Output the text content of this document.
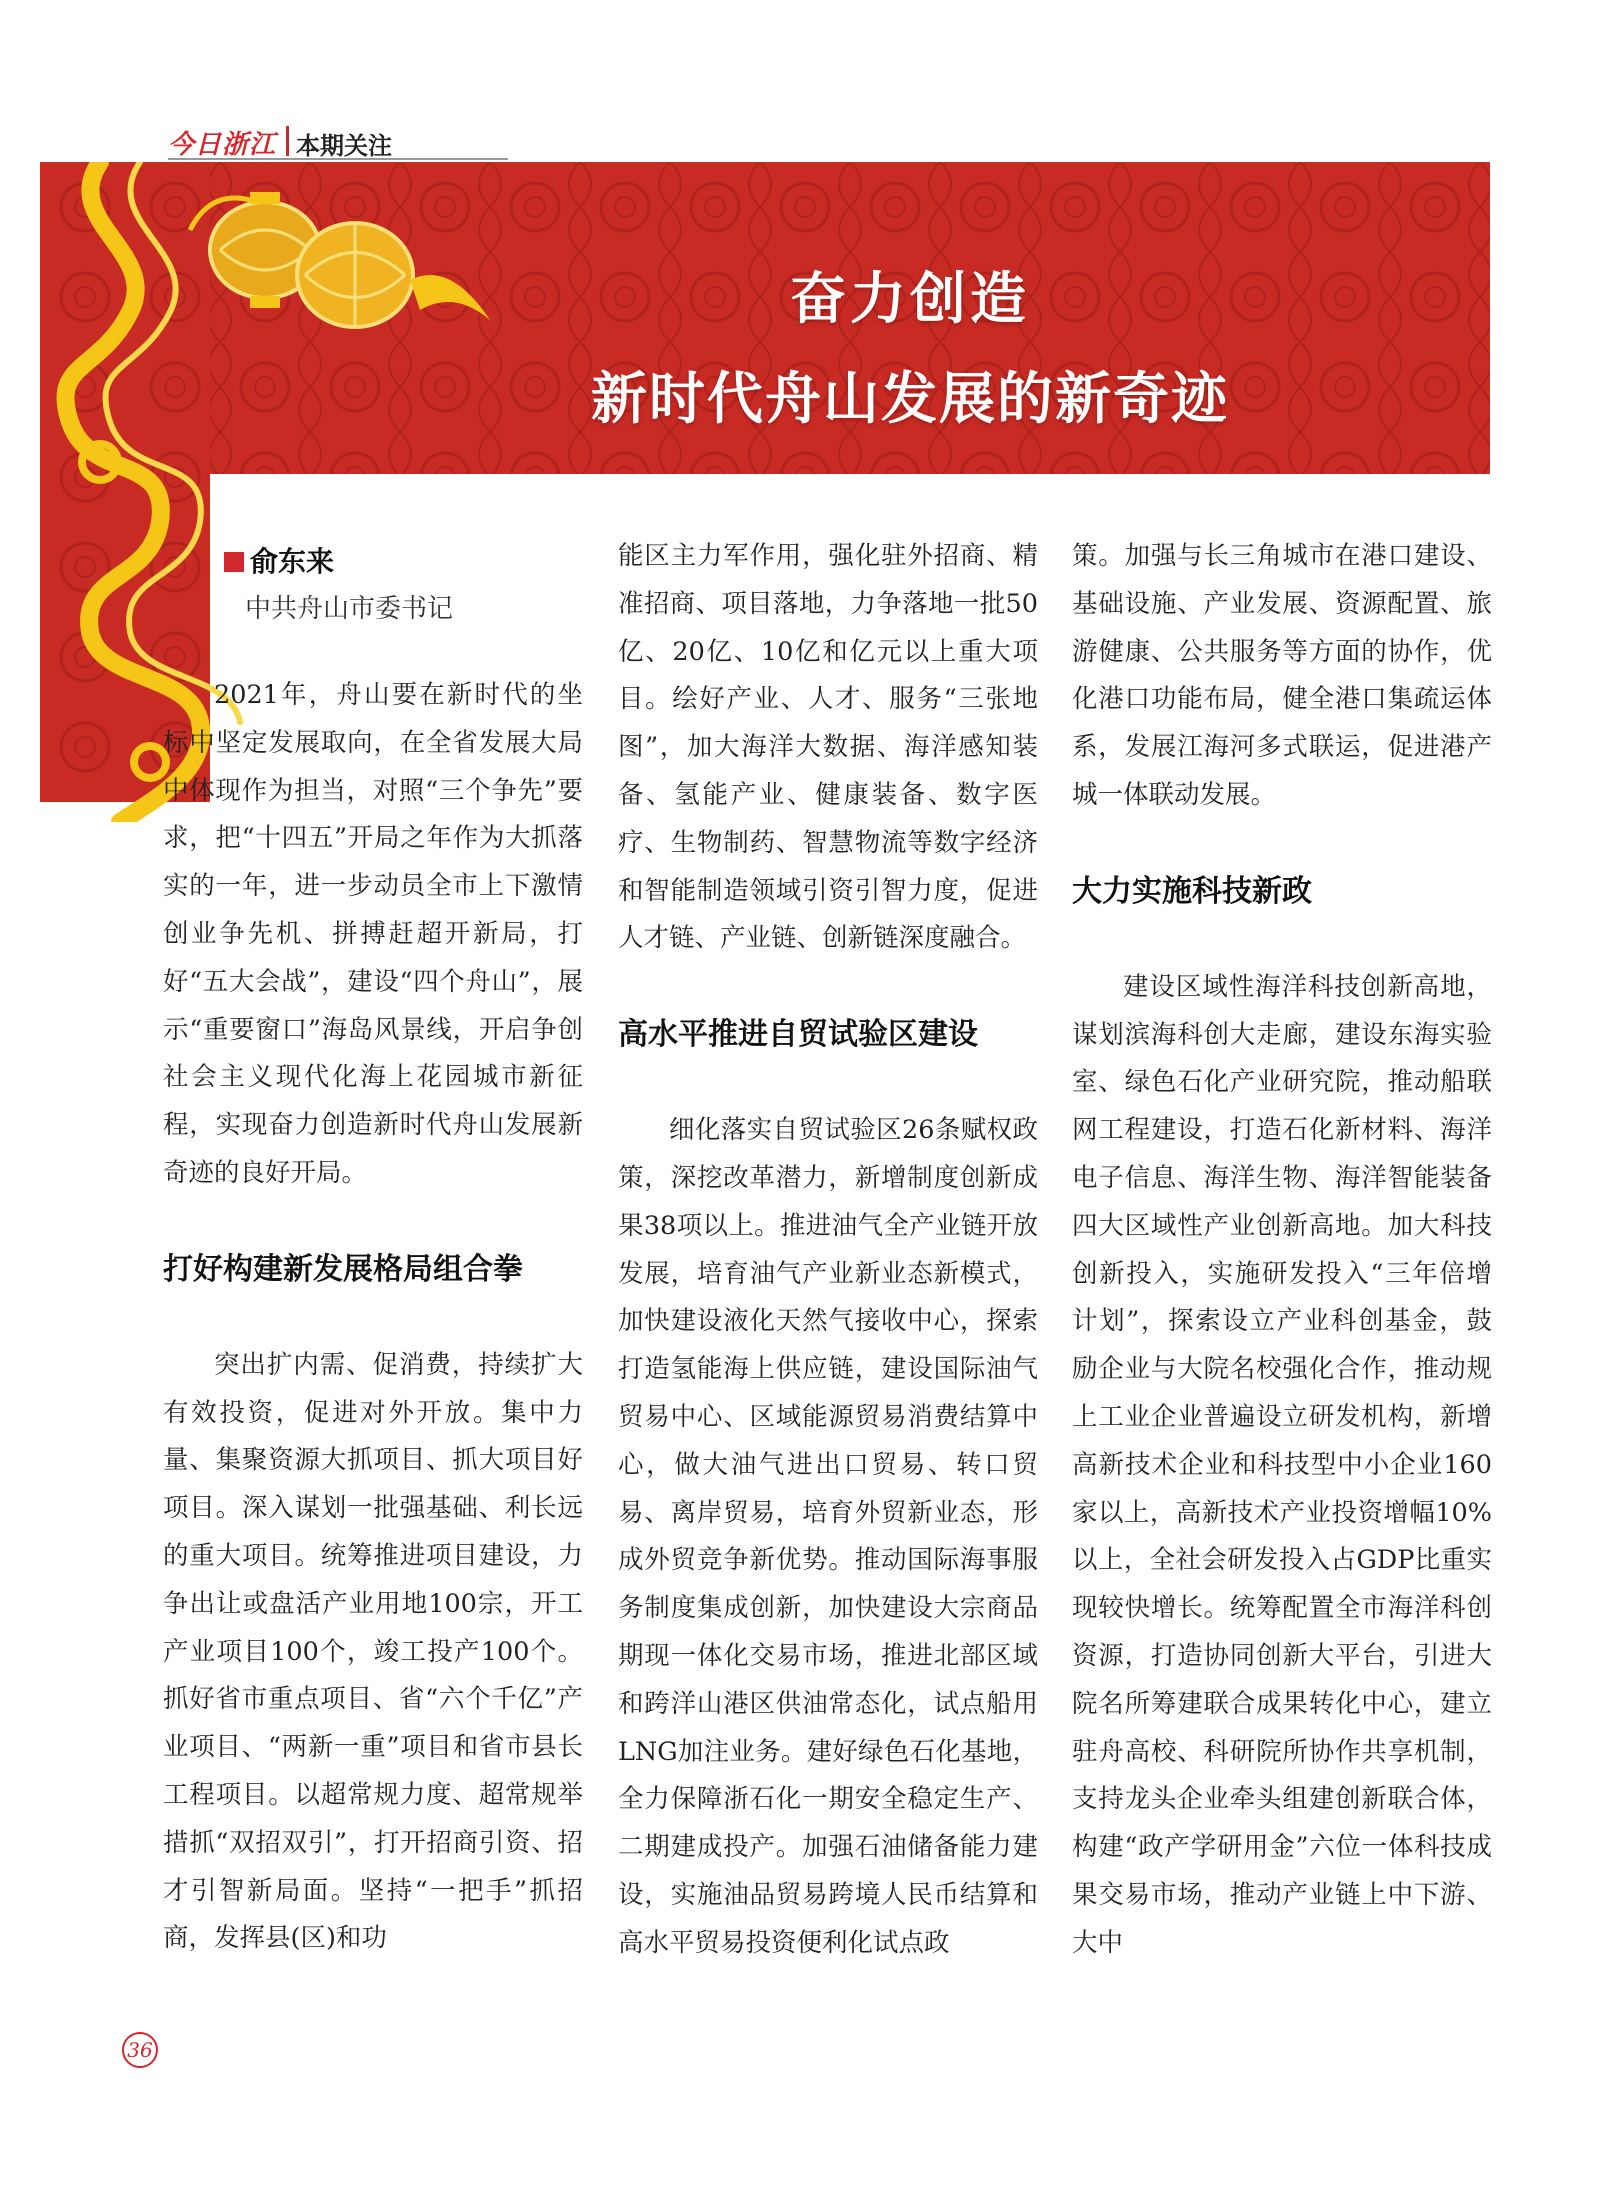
今日浙江 本期关注
奋力创造
新时代舟山发展的新奇迹
俞东来
中共舟山市委书记

2021年，舟山要在新时代的坐标中坚定发展取向，在全省发展大局中体现作为担当，对照“三个争先”要求，把“十四五”开局之年作为大抓落实的一年，进一步动员全市上下激情创业争先机、拼搏赶超开新局，打好“五大会战”，建设“四个舟山”，展示“重要窗口”海岛风景线，开启争创社会主义现代化海上花园城市新征程，实现奋力创造新时代舟山发展新奇迹的良好开局。

打好构建新发展格局组合拳

突出扩内需、促消费，持续扩大有效投资，促进对外开放。集中力量、集聚资源大抓项目、抓大项目好项目。深入谋划一批强基础、利长远的重大项目。统筹推进项目建设，力争出让或盘活产业用地100宗，开工产业项目100个，竣工投产100个。抓好省市重点项目、省“六个千亿”产业项目、“两新一重”项目和省市县长工程项目。以超常规力度、超常规举措抓“双招双引”，打开招商引资、招才引智新局面。坚持“一把手”抓招商，发挥县(区)和功

能区主力军作用，强化驻外招商、精准招商、项目落地，力争落地一批50亿、20亿、10亿和亿元以上重大项目。绘好产业、人才、服务“三张地图”，加大海洋大数据、海洋感知装备、氢能产业、健康装备、数字医疗、生物制药、智慧物流等数字经济和智能制造领域引资引智力度，促进人才链、产业链、创新链深度融合。

高水平推进自贸试验区建设

细化落实自贸试验区26条赋权政策，深挖改革潜力，新增制度创新成果38项以上。推进油气全产业链开放发展，培育油气产业新业态新模式，加快建设液化天然气接收中心，探索打造氢能海上供应链，建设国际油气贸易中心、区域能源贸易消费结算中心，做大油气进出口贸易、转口贸易、离岸贸易，培育外贸新业态，形成外贸竞争新优势。推动国际海事服务制度集成创新，加快建设大宗商品期现一体化交易市场，推进北部区域和跨洋山港区供油常态化，试点船用LNG加注业务。建好绿色石化基地，全力保障浙石化一期安全稳定生产、二期建成投产。加强石油储备能力建设，实施油品贸易跨境人民币结算和高水平贸易投资便利化试点政

策。加强与长三角城市在港口建设、基础设施、产业发展、资源配置、旅游健康、公共服务等方面的协作，优化港口功能布局，健全港口集疏运体系，发展江海河多式联运，促进港产城一体联动发展。

大力实施科技新政

建设区域性海洋科技创新高地，谋划滨海科创大走廊，建设东海实验室、绿色石化产业研究院，推动船联网工程建设，打造石化新材料、海洋电子信息、海洋生物、海洋智能装备四大区域性产业创新高地。加大科技创新投入，实施研发投入“三年倍增计划”，探索设立产业科创基金，鼓励企业与大院名校强化合作，推动规上工业企业普遍设立研发机构，新增高新技术企业和科技型中小企业160家以上，高新技术产业投资增幅10%以上，全社会研发投入占GDP比重实现较快增长。统筹配置全市海洋科创资源，打造协同创新大平台，引进大院名所筹建联合成果转化中心，建立驻舟高校、科研院所协作共享机制，支持龙头企业牵头组建创新联合体，构建“政产学研用金”六位一体科技成果交易市场，推动产业链上中下游、大中

36
